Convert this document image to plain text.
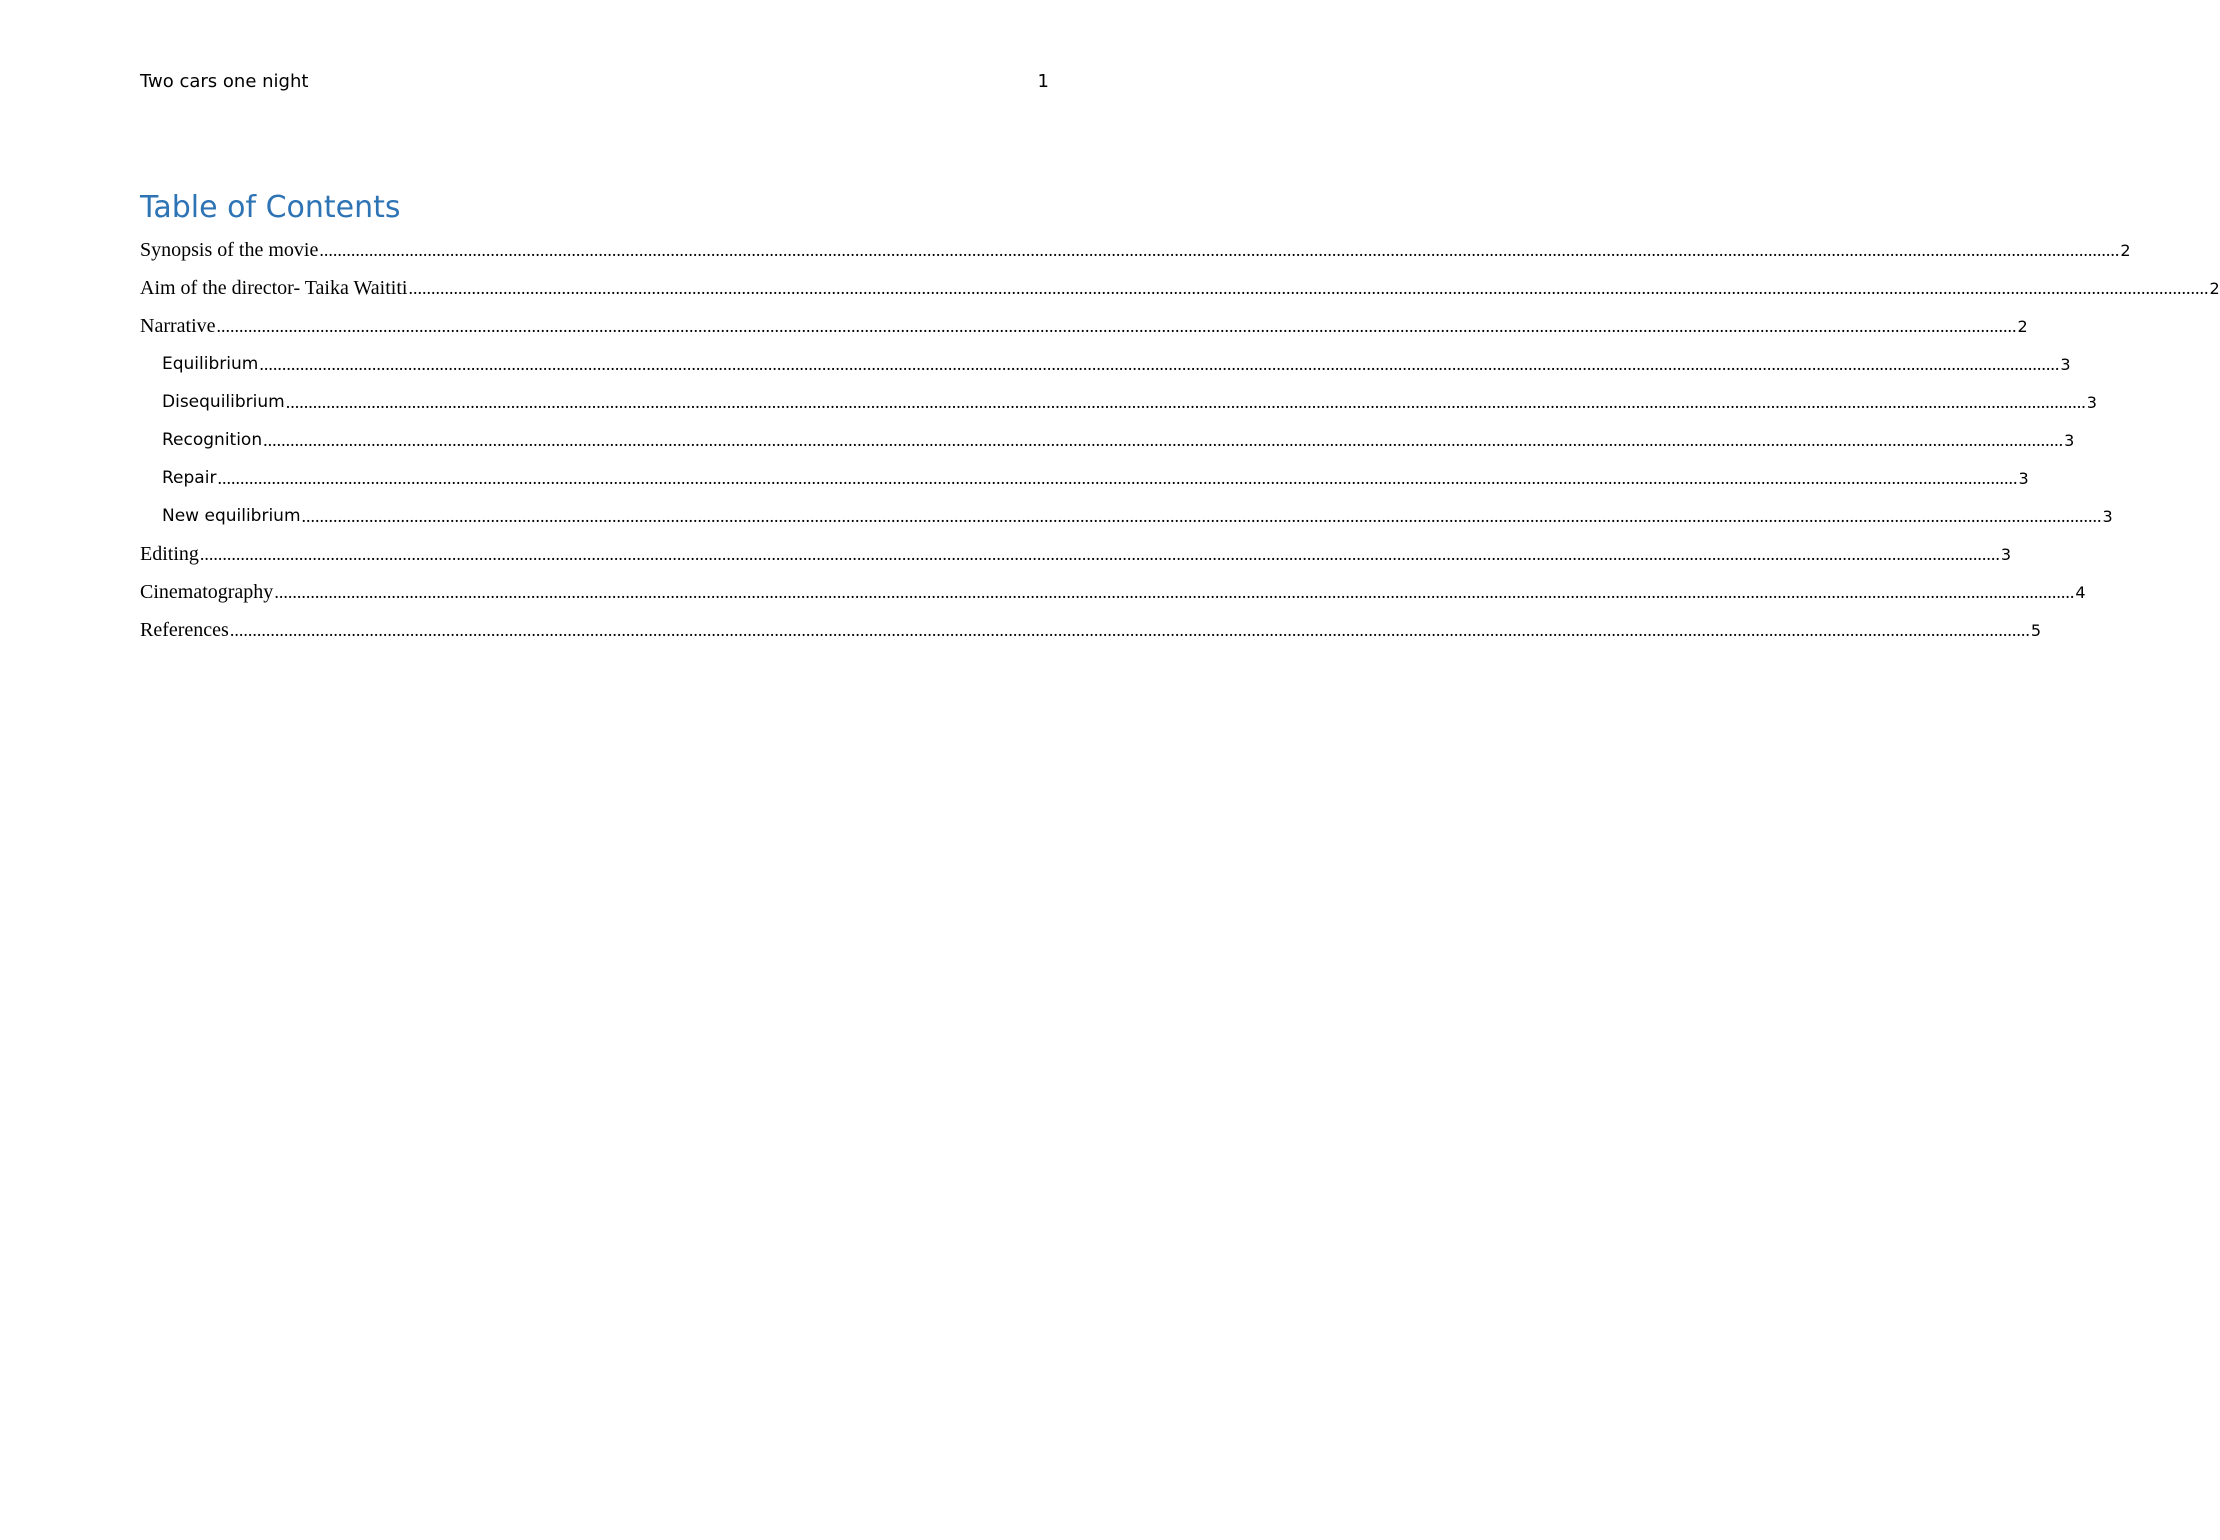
Two cars one night	1
Table of Contents
Synopsis of the movie ................................................................................................................................................................................................................................................................................................................................................................................................................ 2
Aim of the director- Taika Waititi ................................................................................................................................................................................................................................................................................................................................................................................................................ 2
Narrative ................................................................................................................................................................................................................................................................................................................................................................................................................ 2
Equilibrium ................................................................................................................................................................................................................................................................................................................................................................................................................ 3
Disequilibrium ................................................................................................................................................................................................................................................................................................................................................................................................................ 3
Recognition ................................................................................................................................................................................................................................................................................................................................................................................................................ 3
Repair ................................................................................................................................................................................................................................................................................................................................................................................................................ 3
New equilibrium ................................................................................................................................................................................................................................................................................................................................................................................................................ 3
Editing ................................................................................................................................................................................................................................................................................................................................................................................................................ 3
Cinematography ................................................................................................................................................................................................................................................................................................................................................................................................................ 4
References ................................................................................................................................................................................................................................................................................................................................................................................................................ 5
